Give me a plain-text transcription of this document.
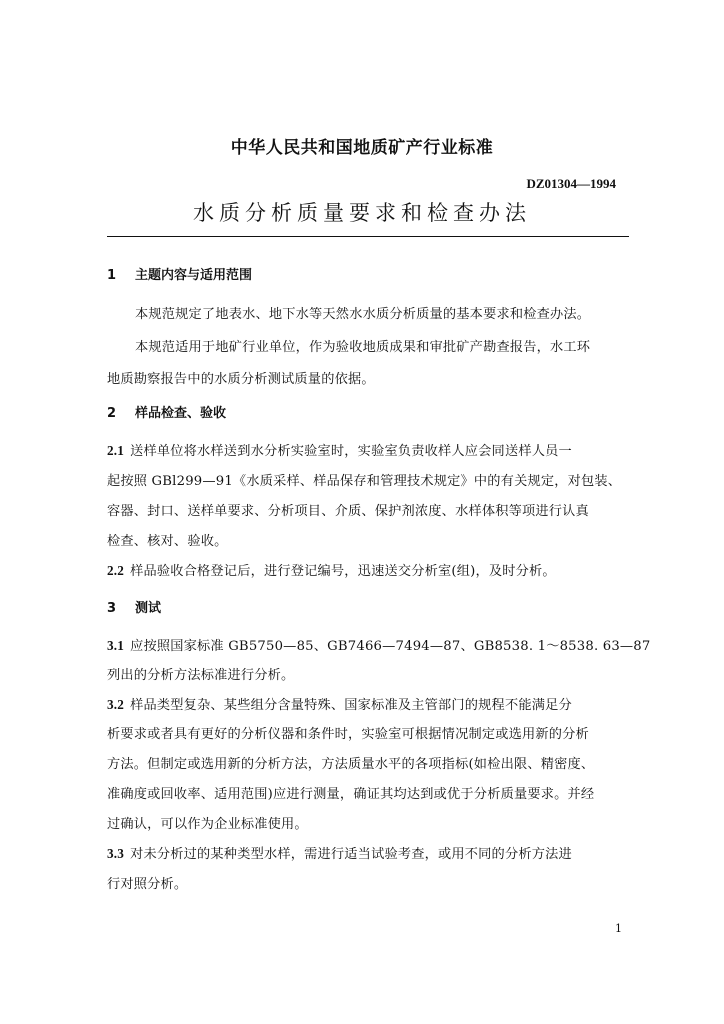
中华人民共和国地质矿产行业标准
DZ01304—1994
水质分析质量要求和检查办法
1 主题内容与适用范围
本规范规定了地表水、地下水等天然水水质分析质量的基本要求和检查办法。
本规范适用于地矿行业单位，作为验收地质成果和审批矿产勘查报告，水工环
地质勘察报告中的水质分析测试质量的依据。
2 样品检查、验收
2.1 送样单位将水样送到水分析实验室时，实验室负责收样人应会同送样人员一
起按照 GBl299—91《水质采样、样品保存和管理技术规定》中的有关规定，对包装、
容器、封口、送样单要求、分析项目、介质、保护剂浓度、水样体积等项进行认真
检查、核对、验收。
2.2 样品验收合格登记后，进行登记编号，迅速送交分析室(组)，及时分析。
3 测试
3.1 应按照国家标准 GB5750—85、GB7466—7494—87、GB8538. 1～8538. 63—87
列出的分析方法标准进行分析。
3.2 样品类型复杂、某些组分含量特殊、国家标准及主管部门的规程不能满足分
析要求或者具有更好的分析仪器和条件时，实验室可根据情况制定或选用新的分析
方法。但制定或选用新的分析方法，方法质量水平的各项指标(如检出限、精密度、
准确度或回收率、适用范围)应进行测量，确证其均达到或优于分析质量要求。并经
过确认，可以作为企业标准使用。
3.3 对未分析过的某种类型水样，需进行适当试验考查，或用不同的分析方法进
行对照分析。
1
